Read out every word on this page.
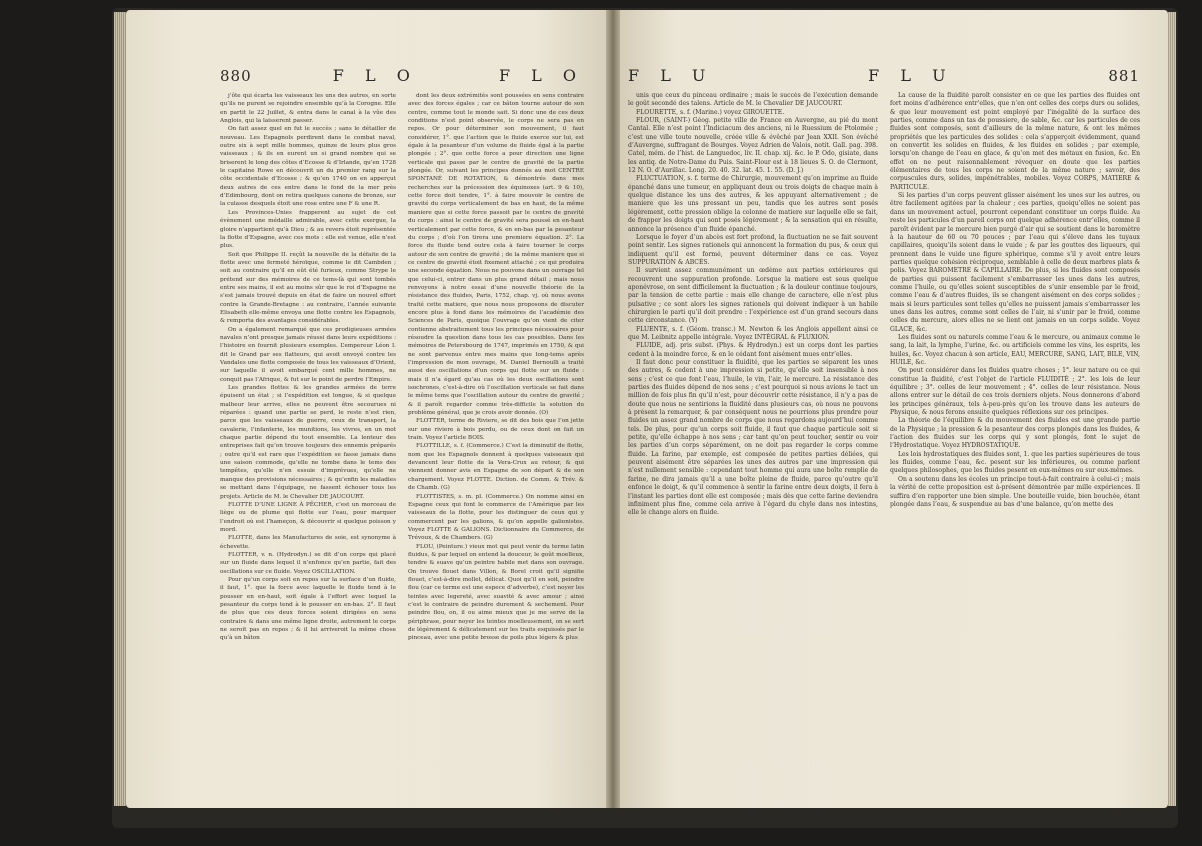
880	F L O	F L O

j’ôte qui écarta les vaisseaux les uns des autres, en sorte qu’ils ne purent se rejoindre ensemble qu’à la Corogne. Elle en partit le 22 Juillet, & entra dans le canal à la vûe des Anglois, qui la laisserent passer.

On fait assez quel en fut le succès ; sans le détailler de nouveau. Les Espagnols perdirent dans le combat naval, outre six à sept mille hommes, quinze de leurs plus gros vaisseaux ; & ils en eurent un si grand nombre qui se briserent le long des côtes d’Ecosse & d’Irlande, qu’en 1728 le capitaine Rowe en découvrit un du premier rang sur la côte occidentale d’Ecosse ; & qu’en 1740 on en apperçut deux autres de ces entre dans le fond de la mer près d’Edimbourg, dont on retira quelques canons de bronze, sur la culasse desquels étoit une rose entre une F & une R.

Les Provinces-Unies frapperent au sujet de cet évènement une médaille admirable, avec cette exergue, la gloire n’appartient qu’à Dieu ; & au revers étoit représentée la flotte d’Espagne, avec ces mots : elle est venue, elle n’est plus.

Soit que Philippe II. reçût la nouvelle de la défaite de la flotte avec une fermeté héroïque, comme le dit Cambden ; soit au contraire qu’il en eût été furieux, comme Strype le prétend sur des mémoires de ce tems-là qui sont tombés entre ses mains, il est au moins sûr que le roi d’Espagne ne s’est jamais trouvé depuis en état de faire un nouvel effort contre la Grande-Bretagne : au contraire, l’année suivante Elisabeth elle-même envoya une flotte contre les Espagnols, & remporta des avantages considérables.

On a également remarqué que ces prodigieuses armées navales n’ont presque jamais réussi dans leurs expéditions : l’histoire en fournit plusieurs exemples. L’empereur Léon I. dit le Grand par ses flatteurs, qui avoit envoyé contre les Vandales une flotte composée de tous les vaisseaux d’Orient, sur laquelle il avoit embarqué cent mille hommes, ne conquit pas l’Afrique, & fut sur le point de perdre l’Empire.

Les grandes flottes & les grandes armées de terre épuisent un état ; si l’expédition est longue, & si quelque malheur leur arrive, elles ne peuvent être secourues ni réparées : quand une partie se perd, le reste n’est rien, parce que les vaisseaux de guerre, ceux de transport, la cavalerie, l’infanterie, les munitions, les vivres, en un mot chaque partie dépend du tout ensemble. La lenteur des entreprises fait qu’on trouve toujours des ennemis préparés ; outre qu’il est rare que l’expédition se fasse jamais dans une saison commode, qu’elle ne tombe dans le tems des tempêtes, qu’elle n’en essuie d’imprévues, qu’elle ne manque des provisions nécessaires ; & qu’enfin les maladies se mettant dans l’équipage, ne fassent échouer tous les projets. Article de M. le Chevalier DE JAUCOURT.

FLOTTE D’UNE LIGNE À PÊCHER, c’est un morceau de liège ou de plume qui flotte sur l’eau, pour marquer l’endroit où est l’hameçon, & découvrir si quelque poisson y mord.

FLOTTE, dans les Manufactures de soie, est synonyme à échevette.

FLOTTER, v. n. (Hydrodyn.) se dit d’un corps qui placé sur un fluide dans lequel il n’enfonce qu’en partie, fait des oscillations sur ce fluide. Voyez OSCILLATION.

Pour qu’un corps soit en repos sur la surface d’un fluide, il faut, 1°. que la force avec laquelle le fluide tend à le pousser en en-haut, soit égale à l’effort avec lequel la pesanteur du corps tend à le pousser en en-bas. 2°. Il faut de plus que ces deux forces soient dirigées en sens contraire & dans une même ligne droite, autrement le corps ne seroit pas en repos ; & il lui arriveroit la même chose qu’à un bâton

dont les deux extrémités sont poussées en sens contraire avec des forces égales ; car ce bâton tourne autour de son centre, comme tout le monde sait. Si donc une de ces deux conditions n’est point observée, le corps ne sera pas en repos. Or pour déterminer son mouvement, il faut considérer, 1°. que l’action que le fluide exerce sur lui, est égale à la pesanteur d’un volume de fluide égal à la partie plongée ; 2°. que cette force a pour direction une ligne verticale qui passe par le centre de gravité de la partie plongée. Or, suivant les principes donnés au mot CENTRE SPONTANÉ DE ROTATION, & démontrés dans mes recherches sur la précession des équinoxes (art. 9 & 10), cette force doit tendre, 1°. à faire mouvoir le centre de gravité du corps verticalement de bas en haut, de la même maniere que si cette force passoit par le centre de gravité du corps : ainsi le centre de gravité sera poussé en en-haut verticalement par cette force, & en en-bas par la pesanteur du corps ; d’où l’on tirera une premiere équation. 2°. La force du fluide tend outre cela à faire tourner le corps autour de son centre de gravité ; de la même maniere que si ce centre de gravité étoit fixement attaché ; ce qui produira une seconde équation. Nous ne pouvons dans un ouvrage tel que celui-ci, entrer dans un plus grand détail ; mais nous renvoyons à notre essai d’une nouvelle théorie de la résistance des fluides, Paris, 1752, chap. vj. où nous avons traité cette matiere, que nous nous proposons de discuter encore plus à fond dans les mémoires de l’académie des Sciences de Paris, quoique l’ouvrage qu’on vient de citer contienne abstraitement tous les principes nécessaires pour résoudre la question dans tous les cas possibles. Dans les mémoires de Petersbourg de 1747, imprimés en 1750, & qui ne sont parvenus entre mes mains que long-tems après l’impression de mon ouvrage, M. Daniel Bernoulli a traité aussi des oscillations d’un corps qui flotte sur un fluide : mais il n’a égard qu’au cas où les deux oscillations sont isochrones, c’est-à-dire où l’oscillation verticale se fait dans le même tems que l’oscillation autour du centre de gravité ; & il paroît regarder comme très-difficile la solution du problème général, que je crois avoir donnée. (O)

FLOTTER, terme de Riviere, se dit des bois que l’on jette sur une riviere à bois perdu, ou de ceux dont on fait un train. Voyez l’article BOIS.

FLOTTILLE, s. f. (Commerce.) C’est la diminutif de flotte, nom que les Espagnols donnent à quelques vaisseaux qui devancent leur flotte de la Vera-Crux au retour, & qui viennent donner avis en Espagne de son départ & de son chargement. Voyez FLOTTE. Diction. de Comm. & Trév. & de Chamb. (G)

FLOTTISTES, s. m. pl. (Commerce.) On nomme ainsi en Espagne ceux qui font le commerce de l’Amérique par les vaisseaux de la flotte, pour les distinguer de ceux qui y commercent par les galions, & qu’on appelle galionistes. Voyez FLOTTE & GALIONS. Dictionnaire du Commerce, de Trévoux, & de Chambers. (G)

FLOU, (Peinture.) vieux mot qui peut venir du terme latin fluidus, & par lequel on entend la douceur, le goût moelleux, tendre & suave qu’un peintre habile met dans son ouvrage. On trouve flouet dans Villon, & Borel croit qu’il signifie flouet, c’est-à-dire mollet, délicat. Quoi qu’il en soit, peindre flou (car ce terme est une espece d’adverbe), c’est noyer les teintes avec legereté, avec suavité & avec amour ; ainsi c’est le contraire de peindre durement & sechement. Pour peindre flou, on, il ou aime mieux que je me serve de la périphrase, pour noyer les teintes moelleusement, on se sert de légèrement & délicatement sur les traits esquissés par le pinceau, avec une petite brosse de poils plus légers & plus

F L U	F L U	881

unis que ceux du pinceau ordinaire ; mais le succès de l’exécution demande le goût secondé des talens. Article de M. le Chevalier DE JAUCOURT.

FLOURETTE, s. f. (Marine.) voyez GIROUETTE.

FLOUR, (SAINT-) Géog. petite ville de France en Auvergne, au pié du mont Cantal. Elle n’est point l’Indiciacum des anciens, ni le Ruessium de Ptolomée ; c’est une ville toute nouvelle, créée ville & évêché par Jean XXII. Son évêché d’Auvergne, suffragant de Bourges. Voyez Adrien de Valois, notit. Gall. pag. 398. Catel, mém. de l’hist. de Languedoc, liv. II. chap. xij. &c. le P. Odo, gisiate, dans les antiq. de Notre-Dame du Puis. Saint-Flour est à 18 lieues S. O. de Clermont, 12 N. O. d’Aurillac. Long. 20. 40. 32. lat. 45. 1. 55. (D. J.)

FLUCTUATION, s. f. terme de Chirurgie, mouvement qu’on imprime au fluide épanché dans une tumeur, en appliquant deux ou trois doigts de chaque main à quelque distance les uns des autres, & les appuyant alternativement ; de maniere que les uns pressant un peu, tandis que les autres sont posés légèrement, cette pression oblige la colonne de matiere sur laquelle elle se fait, de frapper les doigts qui sont posés légèrement ; & la sensation qui en résulte, annonce la présence d’un fluide épanché.

Lorsque le foyer d’un abcès est fort profond, la fluctuation ne se fait souvent point sentir. Les signes rationels qui annoncent la formation du pus, & ceux qui indiquent qu’il est formé, peuvent déterminer dans ce cas. Voyez SUPPURATION & ABCÈS.

Il survient assez communément un œdème aux parties extérieures qui recouvrent une suppuration profonde. Lorsque la matiere est sous quelque aponévrose, on sent difficilement la fluctuation ; & la douleur continue toujours, par la tension de cette partie : mais elle change de caractere, elle n’est plus pulsative ; ce sont alors les signes rationels qui doivent indiquer à un habile chirurgien le parti qu’il doit prendre : l’expérience est d’un grand secours dans cette circonstance. (Y)

FLUENTE, s. f. (Géom. transc.) M. Newton & les Anglois appellent ainsi ce que M. Leibnitz appelle intégrale. Voyez INTÉGRAL & FLUXION.

FLUIDE, adj. pris subst. (Phys. & Hydrodyn.) est un corps dont les parties cedent à la moindre force, & en le cédant font aisément mues entr’elles.

Il faut donc pour constituer la fluidité, que les parties se séparent les unes des autres, & cedent à une impression si petite, qu’elle soit insensible à nos sens ; c’est ce que font l’eau, l’huile, le vin, l’air, le mercure. La résistance des parties des fluides dépend de nos sens ; c’est pourquoi si nous avions le tact un million de fois plus fin qu’il n’est, pour découvrir cette résistance, il n’y a pas de doute que nous ne sentirions la fluidité dans plusieurs cas, où nous ne pouvons à présent la remarquer, & par conséquent nous ne pourrions plus prendre pour fluides un assez grand nombre de corps que nous regardons aujourd’hui comme tels. De plus, pour qu’un corps soit fluide, il faut que chaque particule soit si petite, qu’elle échappe à nos sens ; car tant qu’on peut toucher, sentir ou voir les parties d’un corps séparément, on ne doit pas regarder le corps comme fluide. La farine, par exemple, est composée de petites parties déliées, qui peuvent aisément être séparées les unes des autres par une impression qui n’est nullement sensible : cependant tout homme qui aura une boîte remplie de farine, ne dira jamais qu’il a une boîte pleine de fluide, parce qu’outre qu’il enfonce le doigt, & qu’il commence à sentir la farine entre deux doigts, il fera à l’instant les parties dont elle est composée ; mais dès que cette farine deviendra infiniment plus fine, comme cela arrive à l’égard du chyle dans nos intestins, elle le change alors en fluide.

La cause de la fluidité paroît consister en ce que les parties des fluides ont fort moins d’adhérence entr’elles, que n’en ont celles des corps durs ou solides, & que leur mouvement est point employé par l’inégalité de la surface des parties, comme dans un tas de poussiere, de sable, &c. car les particules de ces fluides sont composés, sont d’ailleurs de la même nature, & ont les mêmes propriétés que les particules des solides : cela s’apperçoit évidemment, quand on convertit les solides en fluides, & les fluides en solides ; par exemple, lorsqu’on change de l’eau en glace, & qu’on met des métaux en fusion, &c. En effet on ne peut raisonnablement révoquer en doute que les parties élémentaires de tous les corps ne soient de la même nature ; savoir, des corpuscules durs, solides, impénétrables, mobiles. Voyez CORPS, MATIERE & PARTICULE.

Si les parties d’un corps peuvent glisser aisément les unes sur les autres, ou être facilement agitées par la chaleur ; ces parties, quoiqu’elles ne soient pas dans un mouvement actuel, pourront cependant constituer un corps fluide. Au reste les particules d’un pareil corps ont quelque adhérence entr’elles, comme il paroît évident par le mercure bien purgé d’air qui se soutient dans le baromètre à la hauteur de 60 ou 70 pouces ; par l’eau qui s’éleve dans les tuyaux capillaires, quoiqu’ils soient dans le vuide ; & par les gouttes des liqueurs, qui prennent dans le vuide une figure sphérique, comme s’il y avoit entre leurs parties quelque cohésion réciproque, semblable à celle de deux marbres plats & polis. Voyez BAROMETRE & CAPILLAIRE. De plus, si les fluides sont composés de parties qui puissent facilement s’embarrasser les unes dans les autres, comme l’huile, ou qu’elles soient susceptibles de s’unir ensemble par le froid, comme l’eau & d’autres fluides, ils se changent aisément en des corps solides ; mais si leurs particules sont telles qu’elles ne puissent jamais s’embarrasser les unes dans les autres, comme sont celles de l’air, ni s’unir par le froid, comme celles du mercure, alors elles ne se lient ont jamais en un corps solide. Voyez GLACE, &c.

Les fluides sont ou naturels comme l’eau & le mercure, ou animaux comme le sang, la lait, la lymphe, l’urine, &c. ou artificiels comme les vins, les esprits, les huiles, &c. Voyez chacun à son article, EAU, MERCURE, SANG, LAIT, BILE, VIN, HUILE, &c.

On peut considérer dans les fluides quatre choses ; 1°. leur nature ou ce qui constitue la fluidité, c’est l’objet de l’article FLUIDITÉ ; 2°. les lois de leur équilibre ; 3°. celles de leur mouvement ; 4°. celles de leur résistance. Nous allons entrer sur le détail de ces trois derniers objets. Nous donnerons d’abord les principes généraux, tels à-peu-près qu’on les trouve dans les auteurs de Physique, & nous ferons ensuite quelques réflexions sur ces principes.

La théorie de l’équilibre & du mouvement des fluides est une grande partie de la Physique ; la pression & la pesanteur des corps plongés dans les fluides, & l’action des fluides sur les corps qui y sont plongés, font le sujet de l’Hydrostatique. Voyez HYDROSTATIQUE.

Les lois hydrostatiques des fluides sont, 1. que les parties supérieures de tous les fluides, comme l’eau, &c. pesent sur les inférieures, ou comme parlent quelques philosophes, que les fluides pesent en eux-mêmes ou sur eux-mêmes.

On a soutenu dans les écoles un principe tout-à-fait contraire à celui-ci ; mais la vérité de cette proposition est à-présent démontrée par mille expériences. Il suffira d’en rapporter une bien simple. Une bouteille vuide, bien bouchée, étant plongée dans l’eau, & suspendue au bas d’une balance, qu’on mette des
